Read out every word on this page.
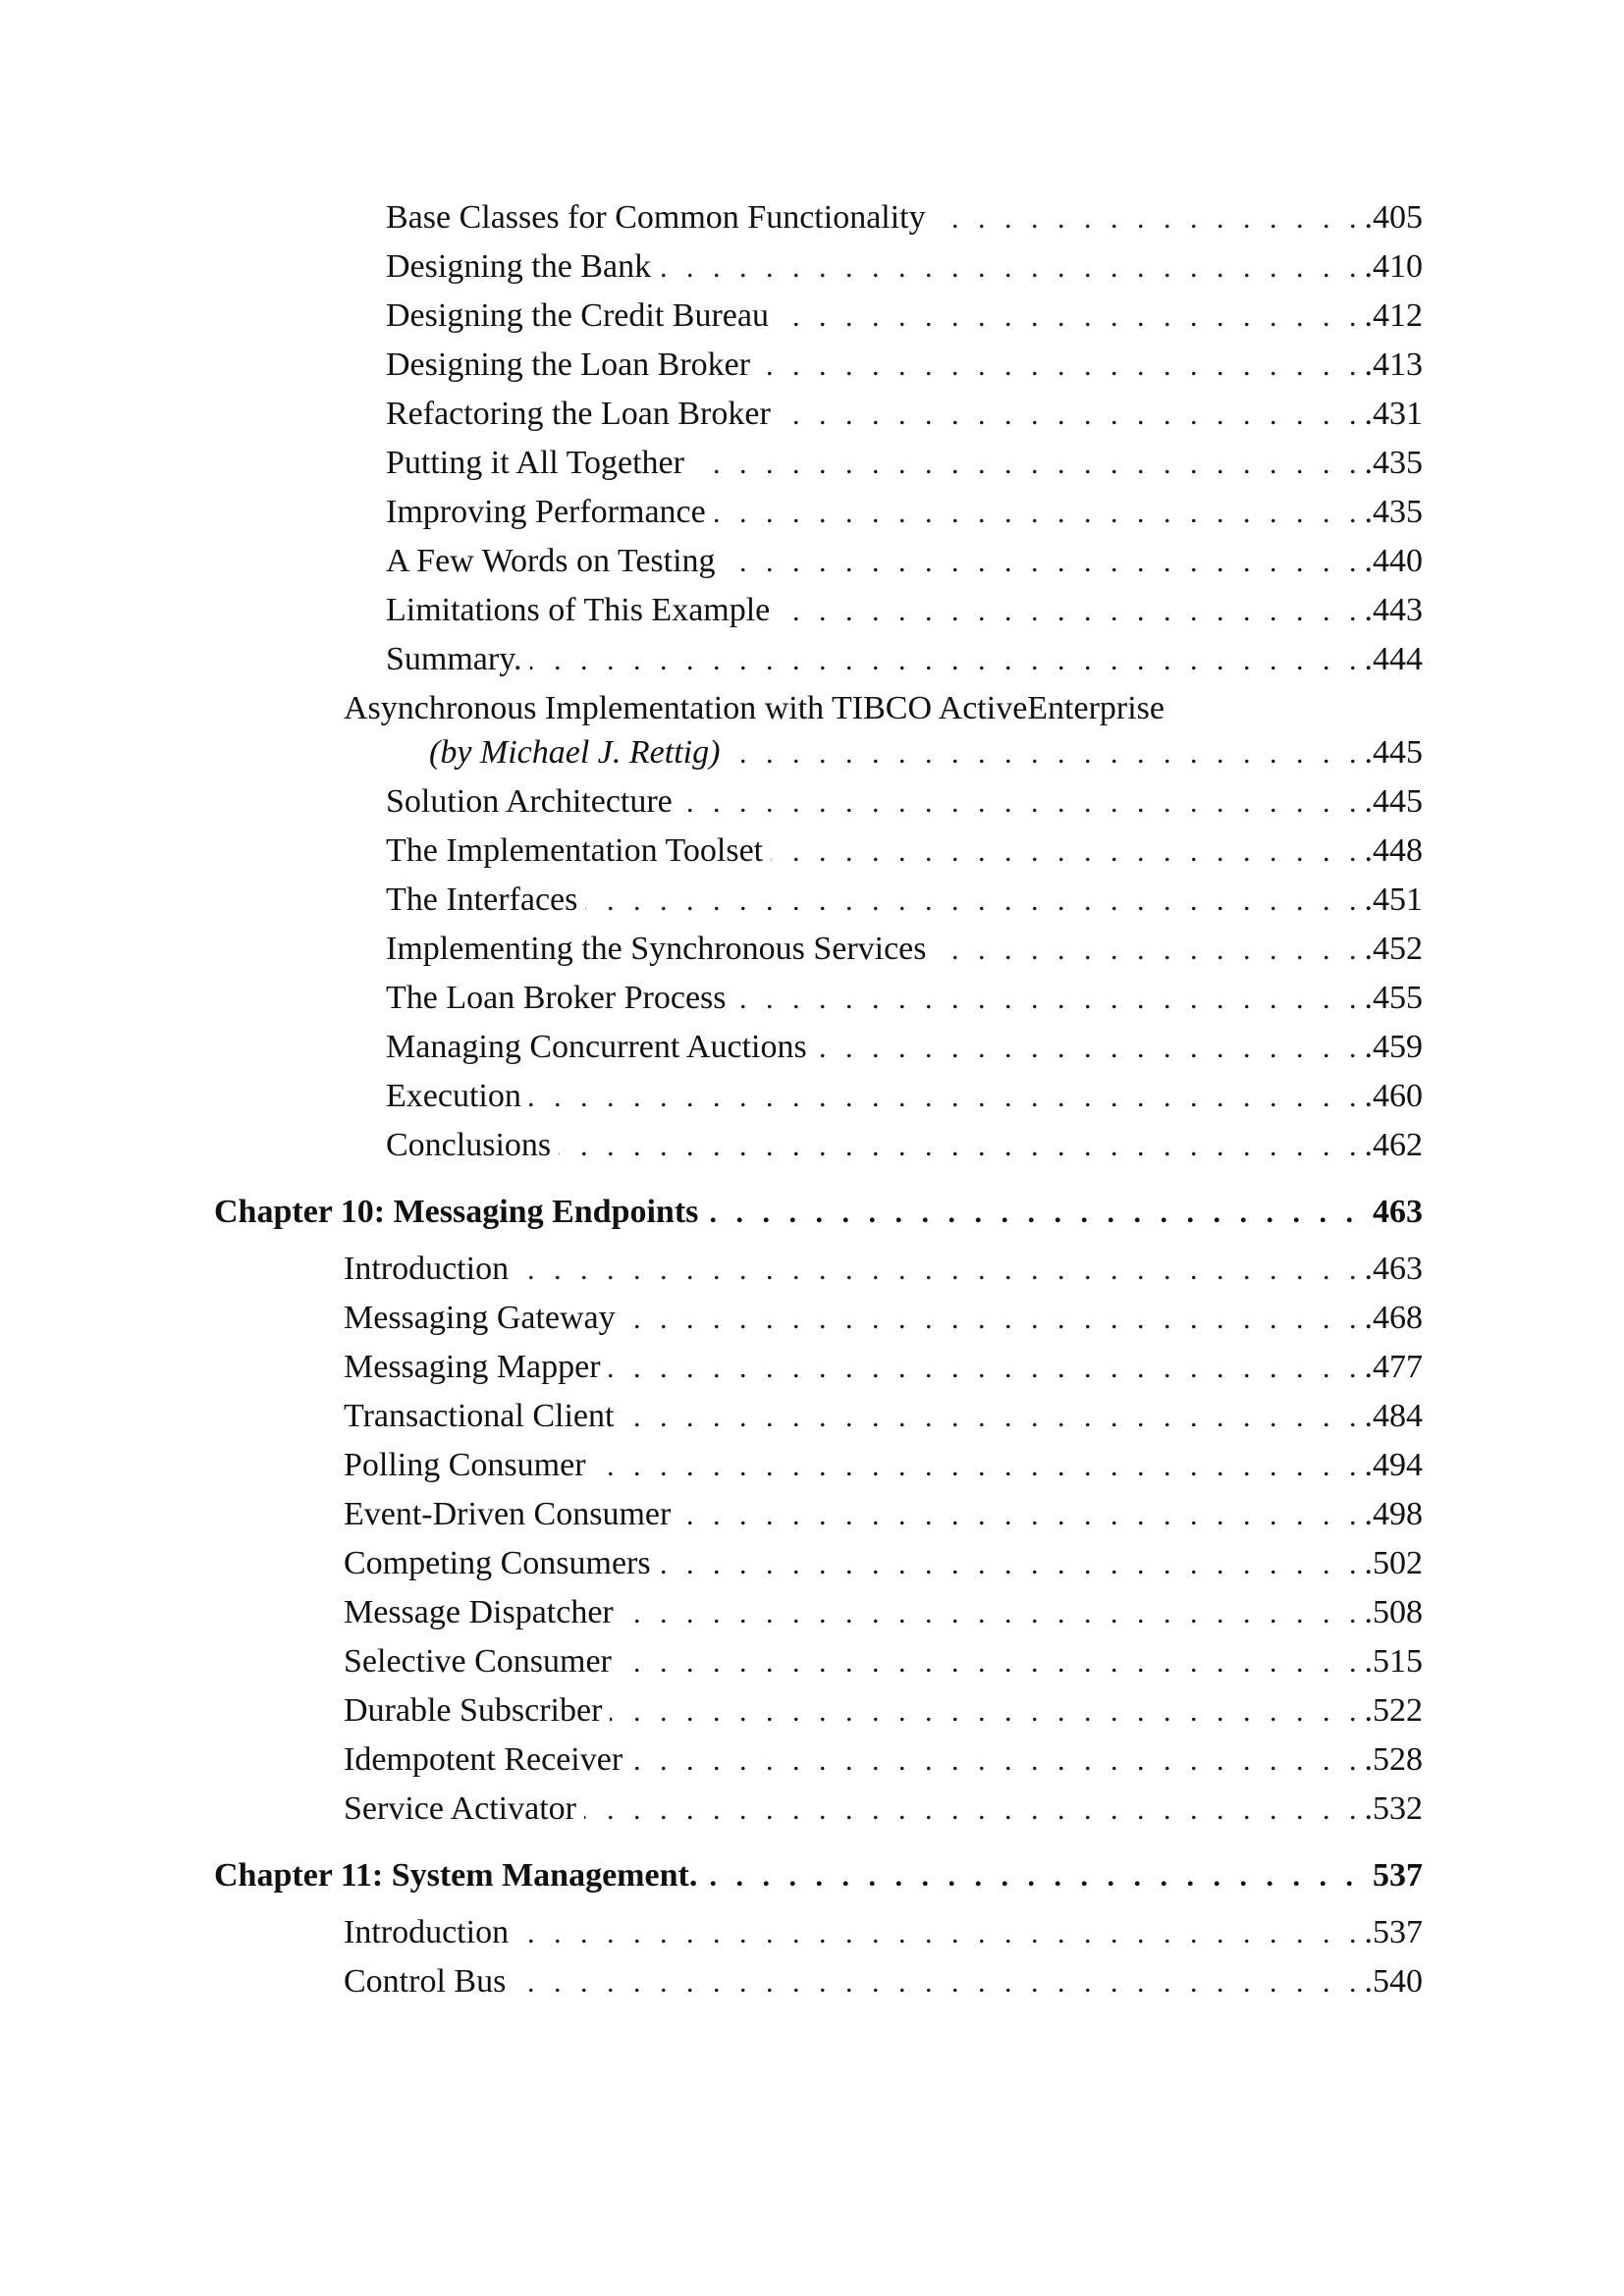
Base Classes for Common Functionality . . .	.405
Designing the Bank . . .	.410
Designing the Credit Bureau . . .	.412
Designing the Loan Broker . . .	.413
Refactoring the Loan Broker . . .	.431
Putting it All Together . . .	.435
Improving Performance . . .	.435
A Few Words on Testing . . .	.440
Limitations of This Example . . .	.443
Summary. . . .	.444
Asynchronous Implementation with TIBCO ActiveEnterprise
(by Michael J. Rettig) . . .	.445
Solution Architecture . . .	.445
The Implementation Toolset . . .	.448
The Interfaces . . .	.451
Implementing the Synchronous Services . . .	.452
The Loan Broker Process . . .	.455
Managing Concurrent Auctions . . .	.459
Execution . . .	.460
Conclusions . . .	.462
Chapter 10: Messaging Endpoints . . .	463
Introduction . . .	.463
Messaging Gateway . . .	.468
Messaging Mapper . . .	.477
Transactional Client . . .	.484
Polling Consumer . . .	.494
Event-Driven Consumer . . .	.498
Competing Consumers . . .	.502
Message Dispatcher . . .	.508
Selective Consumer . . .	.515
Durable Subscriber . . .	.522
Idempotent Receiver . . .	.528
Service Activator . . .	.532
Chapter 11: System Management. . . .	537
Introduction . . .	.537
Control Bus . . .	.540
